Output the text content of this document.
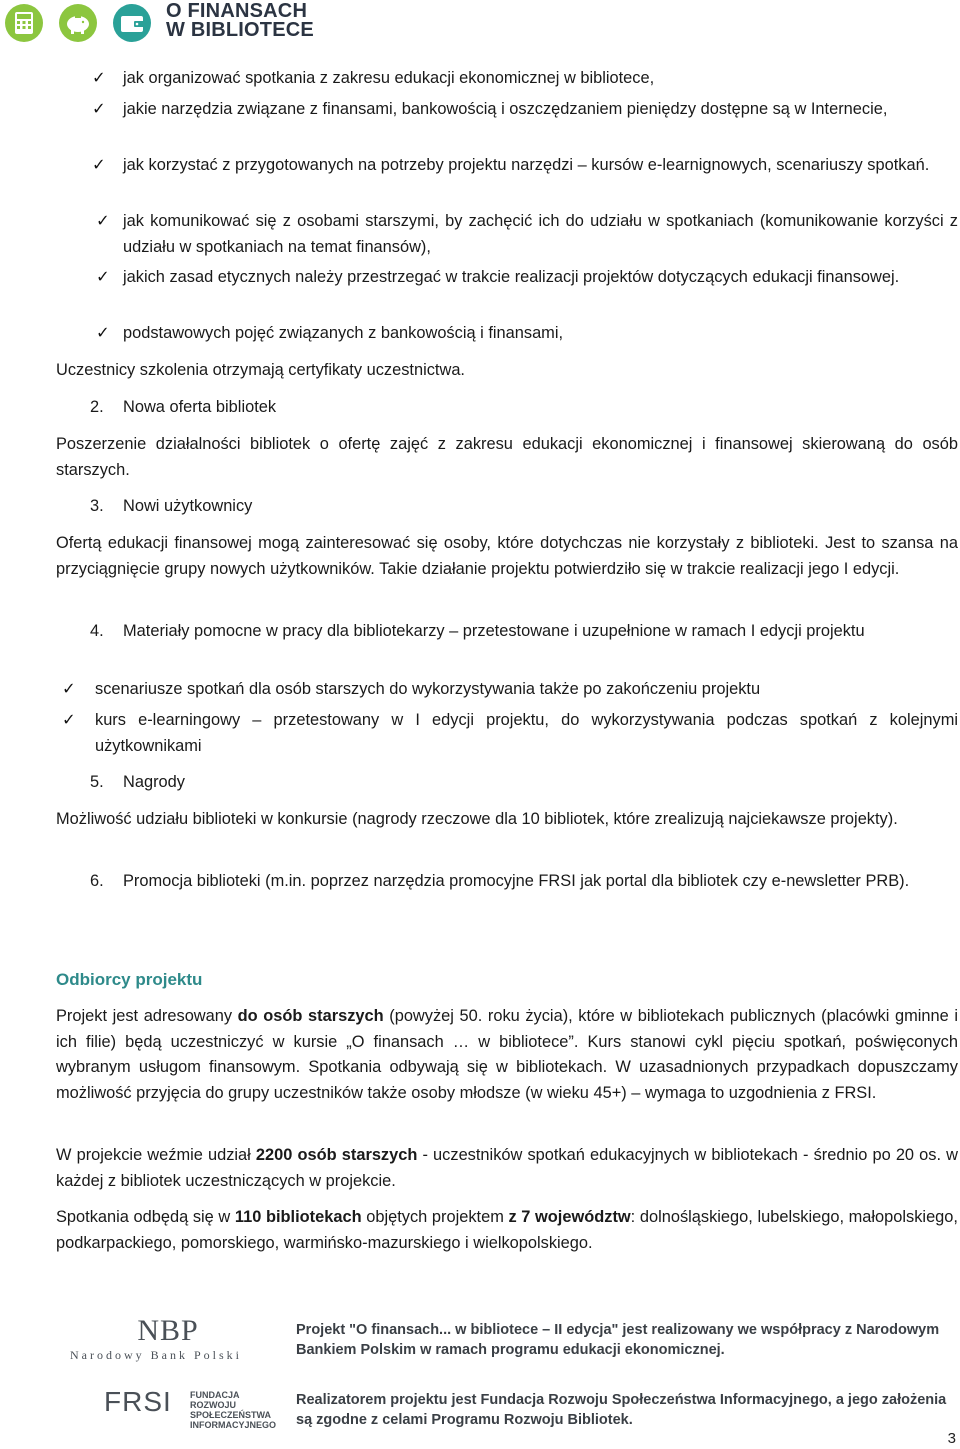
O FINANSACH
W BIBLIOTECE
✓ jak organizować spotkania z zakresu edukacji ekonomicznej w bibliotece,
✓ jakie narzędzia związane z finansami, bankowością i oszczędzaniem pieniędzy dostępne są w Internecie,
✓ jak korzystać z przygotowanych na potrzeby projektu narzędzi – kursów e-learnignowych, scenariuszy spotkań.
✓ jak komunikować się z osobami starszymi, by zachęcić ich do udziału w spotkaniach (komunikowanie korzyści z udziału w spotkaniach na temat finansów),
✓ jakich zasad etycznych należy przestrzegać w trakcie realizacji projektów dotyczących edukacji finansowej.
✓ podstawowych pojęć związanych z bankowością i finansami,
Uczestnicy szkolenia otrzymają certyfikaty uczestnictwa.
2. Nowa oferta bibliotek
Poszerzenie działalności bibliotek o ofertę zajęć z zakresu edukacji ekonomicznej i finansowej skierowaną do osób starszych.
3. Nowi użytkownicy
Ofertą edukacji finansowej mogą zainteresować się osoby, które dotychczas nie korzystały z biblioteki. Jest to szansa na przyciągnięcie grupy nowych użytkowników. Takie działanie projektu potwierdziło się w trakcie realizacji jego I edycji.
4. Materiały pomocne w pracy dla bibliotekarzy – przetestowane i uzupełnione w ramach I edycji projektu
✓ scenariusze spotkań dla osób starszych do wykorzystywania także po zakończeniu projektu
✓ kurs e-learningowy – przetestowany w I edycji projektu, do wykorzystywania podczas spotkań z kolejnymi użytkownikami
5. Nagrody
Możliwość udziału biblioteki w konkursie (nagrody rzeczowe dla 10 bibliotek, które zrealizują najciekawsze projekty).
6. Promocja biblioteki (m.in. poprzez narzędzia promocyjne FRSI jak portal dla bibliotek czy e-newsletter PRB).
Odbiorcy projektu
Projekt jest adresowany do osób starszych (powyżej 50. roku życia), które w bibliotekach publicznych (placówki gminne i ich filie) będą uczestniczyć w kursie „O finansach … w bibliotece”. Kurs stanowi cykl pięciu spotkań, poświęconych wybranym usługom finansowym. Spotkania odbywają się w bibliotekach. W uzasadnionych przypadkach dopuszczamy możliwość przyjęcia do grupy uczestników także osoby młodsze (w wieku 45+) – wymaga to uzgodnienia z FRSI.
W projekcie weźmie udział 2200 osób starszych - uczestników spotkań edukacyjnych w bibliotekach - średnio po 20 os. w każdej z bibliotek uczestniczących w projekcie.
Spotkania odbędą się w 110 bibliotekach objętych projektem z 7 województw: dolnośląskiego, lubelskiego, małopolskiego, podkarpackiego, pomorskiego, warmińsko-mazurskiego i wielkopolskiego.
NBP
Narodowy Bank Polski
FRSI FUNDACJA ROZWOJU SPOŁECZEŃSTWA INFORMACYJNEGO
Projekt "O finansach... w bibliotece – II edycja" jest realizowany we współpracy z Narodowym Bankiem Polskim w ramach programu edukacji ekonomicznej.
Realizatorem projektu jest Fundacja Rozwoju Społeczeństwa Informacyjnego, a jego założenia są zgodne z celami Programu Rozwoju Bibliotek.
3
